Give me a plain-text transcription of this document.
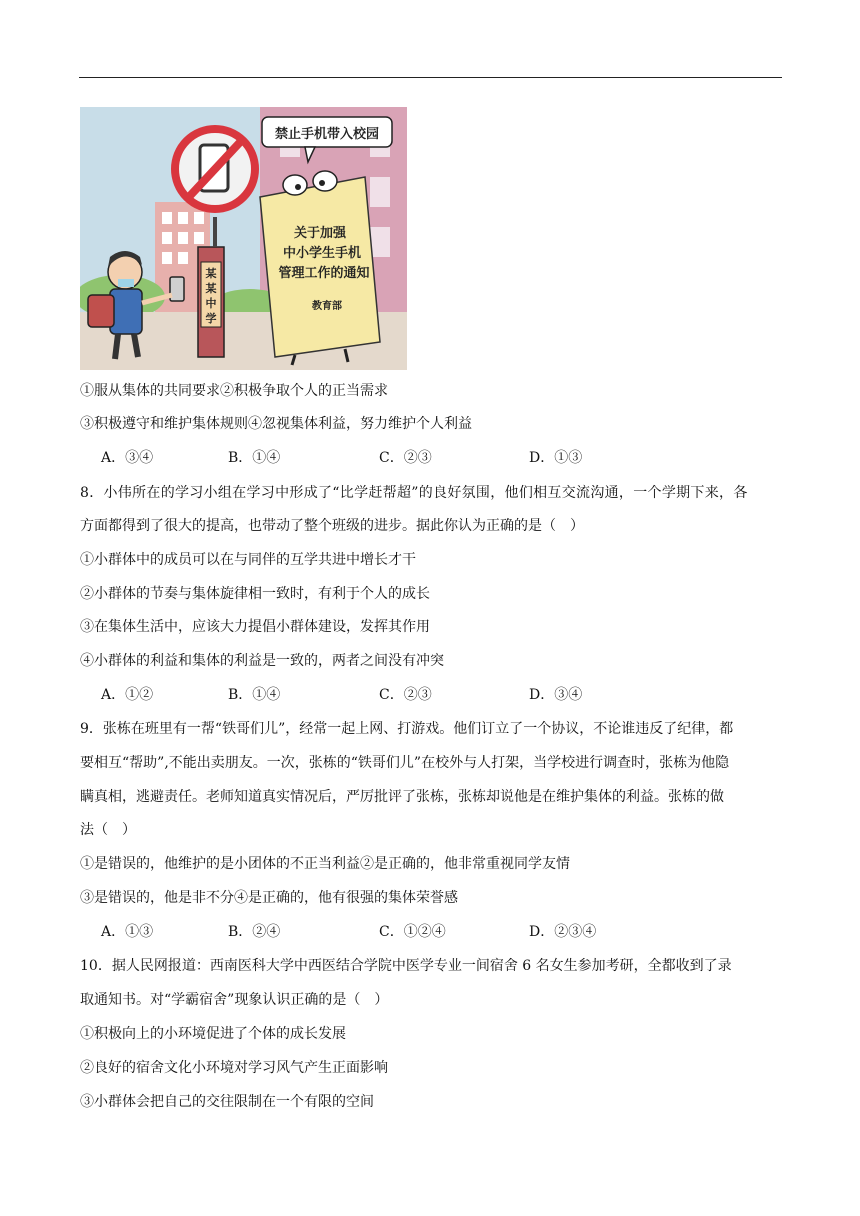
某
某
中
学
关于加强
中小学生手机
管理工作的通知
教育部
禁止手机带入校园
①服从集体的共同要求②积极争取个人的正当需求
③积极遵守和维护集体规则④忽视集体利益，努力维护个人利益
A．③④	B．①④	C．②③	D．①③
8．小伟所在的学习小组在学习中形成了“比学赶帮超”的良好氛围，他们相互交流沟通，一个学期下来，各
方面都得到了很大的提高，也带动了整个班级的进步。据此你认为正确的是（　）
①小群体中的成员可以在与同伴的互学共进中增长才干
②小群体的节奏与集体旋律相一致时，有利于个人的成长
③在集体生活中，应该大力提倡小群体建设，发挥其作用
④小群体的利益和集体的利益是一致的，两者之间没有冲突
A．①②	B．①④	C．②③	D．③④
9．张栋在班里有一帮“铁哥们儿”，经常一起上网、打游戏。他们订立了一个协议，不论谁违反了纪律，都
要相互“帮助”,不能出卖朋友。一次，张栋的“铁哥们儿”在校外与人打架，当学校进行调查时，张栋为他隐
瞒真相，逃避责任。老师知道真实情况后，严厉批评了张栋，张栋却说他是在维护集体的利益。张栋的做
法（　）
①是错误的，他维护的是小团体的不正当利益②是正确的，他非常重视同学友情
③是错误的，他是非不分④是正确的，他有很强的集体荣誉感
A．①③	B．②④	C．①②④	D．②③④
10．据人民网报道：西南医科大学中西医结合学院中医学专业一间宿舍 6 名女生参加考研，全都收到了录
取通知书。对“学霸宿舍”现象认识正确的是（　）
①积极向上的小环境促进了个体的成长发展
②良好的宿舍文化小环境对学习风气产生正面影响
③小群体会把自己的交往限制在一个有限的空间
